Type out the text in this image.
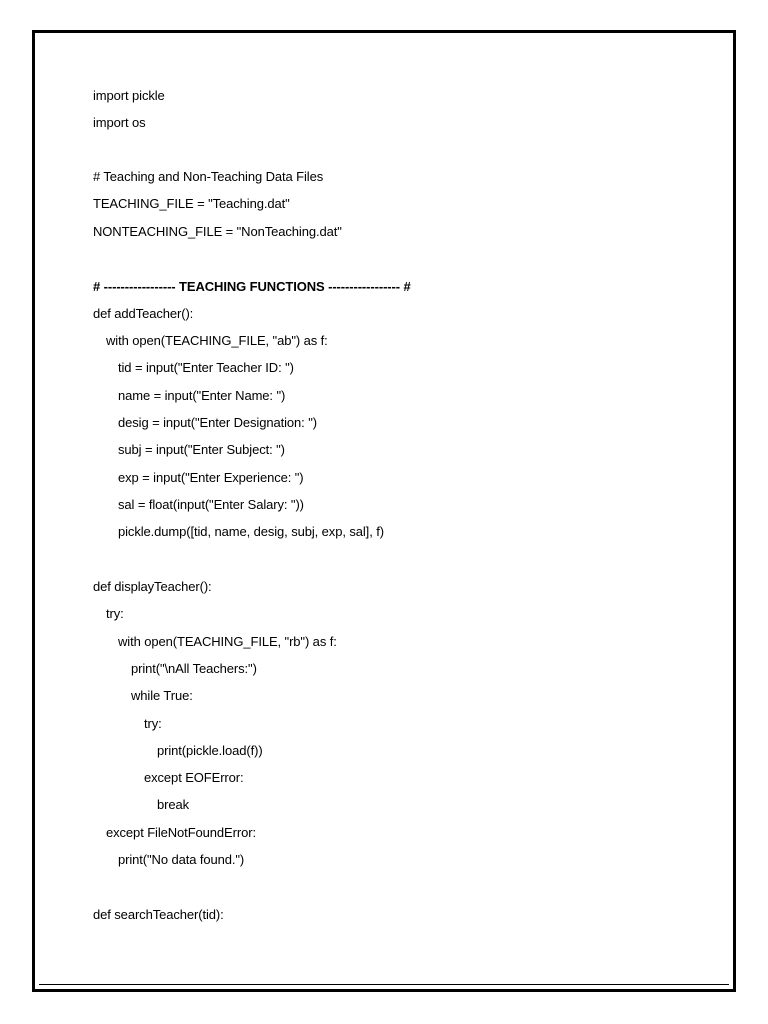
import pickle
import os
# Teaching and Non-Teaching Data Files
TEACHING_FILE = "Teaching.dat"
NONTEACHING_FILE = "NonTeaching.dat"
# ----------------- TEACHING FUNCTIONS ----------------- #
def addTeacher():
with open(TEACHING_FILE, "ab") as f:
tid = input("Enter Teacher ID: ")
name = input("Enter Name: ")
desig = input("Enter Designation: ")
subj = input("Enter Subject: ")
exp = input("Enter Experience: ")
sal = float(input("Enter Salary: "))
pickle.dump([tid, name, desig, subj, exp, sal], f)
def displayTeacher():
try:
with open(TEACHING_FILE, "rb") as f:
print("\nAll Teachers:")
while True:
try:
print(pickle.load(f))
except EOFError:
break
except FileNotFoundError:
print("No data found.")
def searchTeacher(tid):
